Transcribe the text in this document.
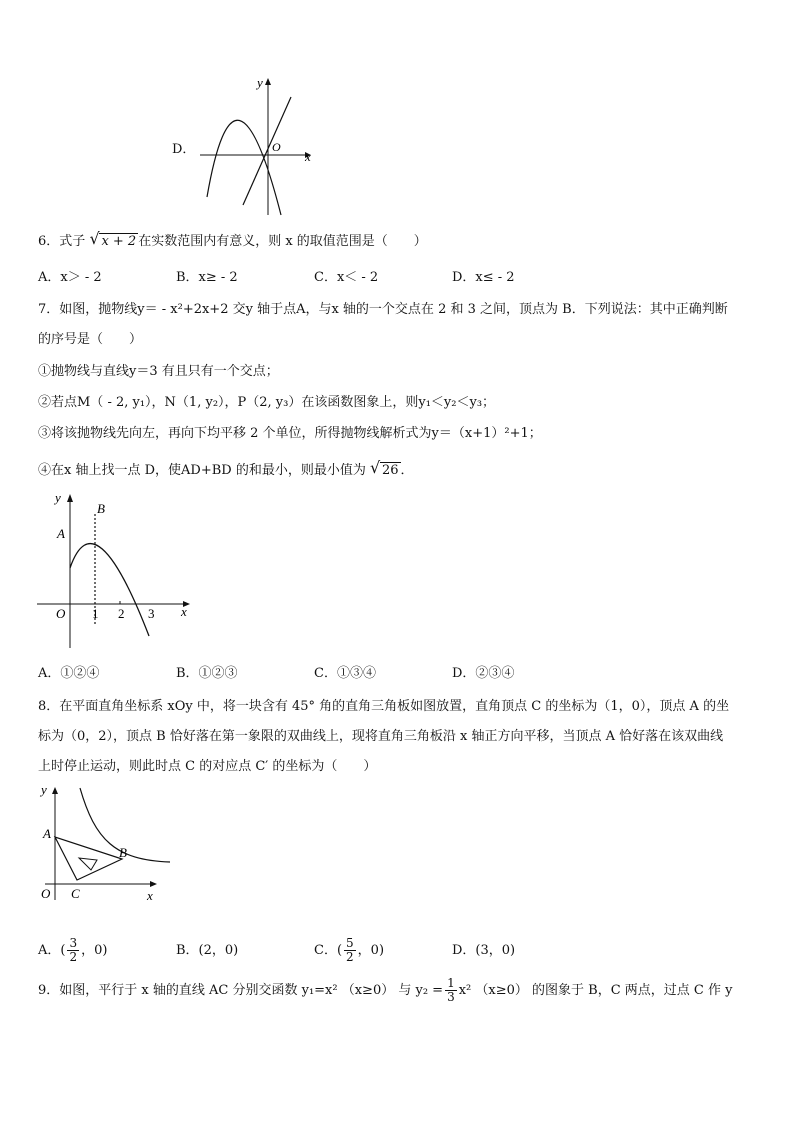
D．
y
x
O
6．式子 √ x + 2 在实数范围内有意义，则 x 的取值范围是（　　）
A．x＞ - 2	B．x≥ - 2	C．x＜ - 2	D．x≤ - 2
7．如图，抛物线y＝ - x²+2x+2 交y 轴于点A，与x 轴的一个交点在 2 和 3 之间，顶点为 B．下列说法：其中正确判断
的序号是（　　）
①抛物线与直线y＝3 有且只有一个交点；
②若点M（ - 2, y₁），N（1, y₂），P（2, y₃）在该函数图象上，则y₁＜y₂＜y₃；
③将该抛物线先向左，再向下均平移 2 个单位，所得抛物线解析式为y＝（x+1）²+1；
④在x 轴上找一点 D，使AD+BD 的和最小，则最小值为 √ 26 ．
y
x
O
A
B
1 2 3
A．①②④	B．①②③	C．①③④	D．②③④
8．在平面直角坐标系 xOy 中，将一块含有 45° 角的直角三角板如图放置，直角顶点 C 的坐标为（1，0），顶点 A 的坐
标为（0，2），顶点 B 恰好落在第一象限的双曲线上，现将直角三角板沿 x 轴正方向平移，当顶点 A 恰好落在该双曲线
上时停止运动，则此时点 C 的对应点 C′ 的坐标为（　　）
y
x
O
A
B
C
A．( $\frac{3}{2}$ ，0)	B．(2，0)	C．( $\frac{5}{2}$ ，0)	D．(3，0)
9．如图，平行于 x 轴的直线 AC 分别交函数 y₁=x² （x≥0） 与 $y_2 = \frac{1}{3} x^2$ （x≥0） 的图象于 B，C 两点，过点 C 作 y
